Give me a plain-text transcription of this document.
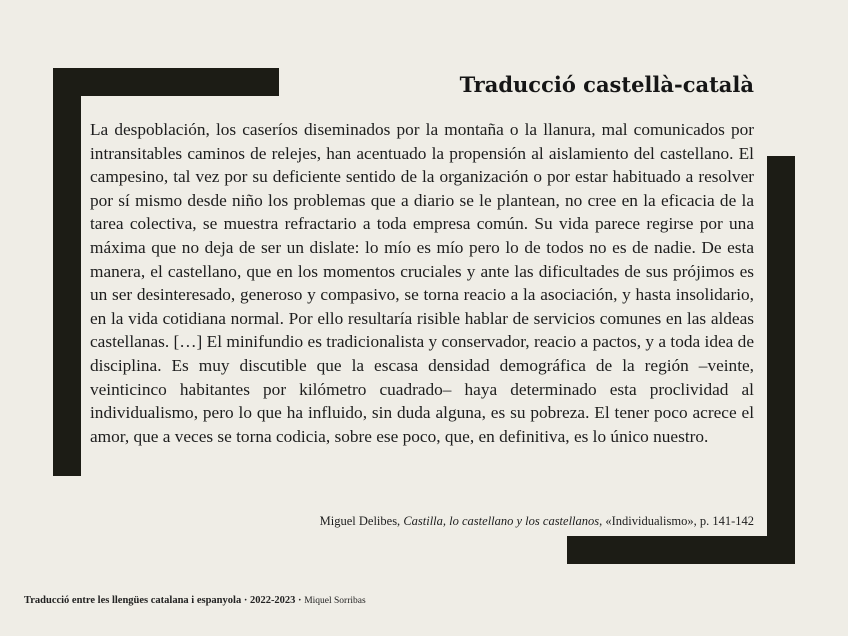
Traducció castellà-català

La despoblación, los caseríos diseminados por la montaña o la llanura, mal comunicados por intransitables caminos de relejes, han acentuado la propensión al aislamiento del castellano. El campesino, tal vez por su deficiente sentido de la organización o por estar habituado a resolver por sí mismo desde niño los problemas que a diario se le plantean, no cree en la eficacia de la tarea colectiva, se muestra refractario a toda empresa común. Su vida parece regirse por una máxima que no deja de ser un dislate: lo mío es mío pero lo de todos no es de nadie. De esta manera, el castellano, que en los momentos cruciales y ante las dificultades de sus prójimos es un ser desinteresado, generoso y compasivo, se torna reacio a la asociación, y hasta insolidario, en la vida cotidiana normal. Por ello resultaría risible hablar de servicios comunes en las aldeas castellanas. […] El minifundio es tradicionalista y conservador, reacio a pactos, y a toda idea de disciplina. Es muy discutible que la escasa densidad demográfica de la región –veinte, veinticinco habitantes por kilómetro cuadrado– haya determinado esta proclividad al individualismo, pero lo que ha influido, sin duda alguna, es su pobreza. El tener poco acrece el amor, que a veces se torna codicia, sobre ese poco, que, en definitiva, es lo único nuestro.

Miguel Delibes, Castilla, lo castellano y los castellanos, «Individualismo», p. 141-142

Traducció entre les llengües catalana i espanyola · 2022-2023 · Miquel Sorribas
